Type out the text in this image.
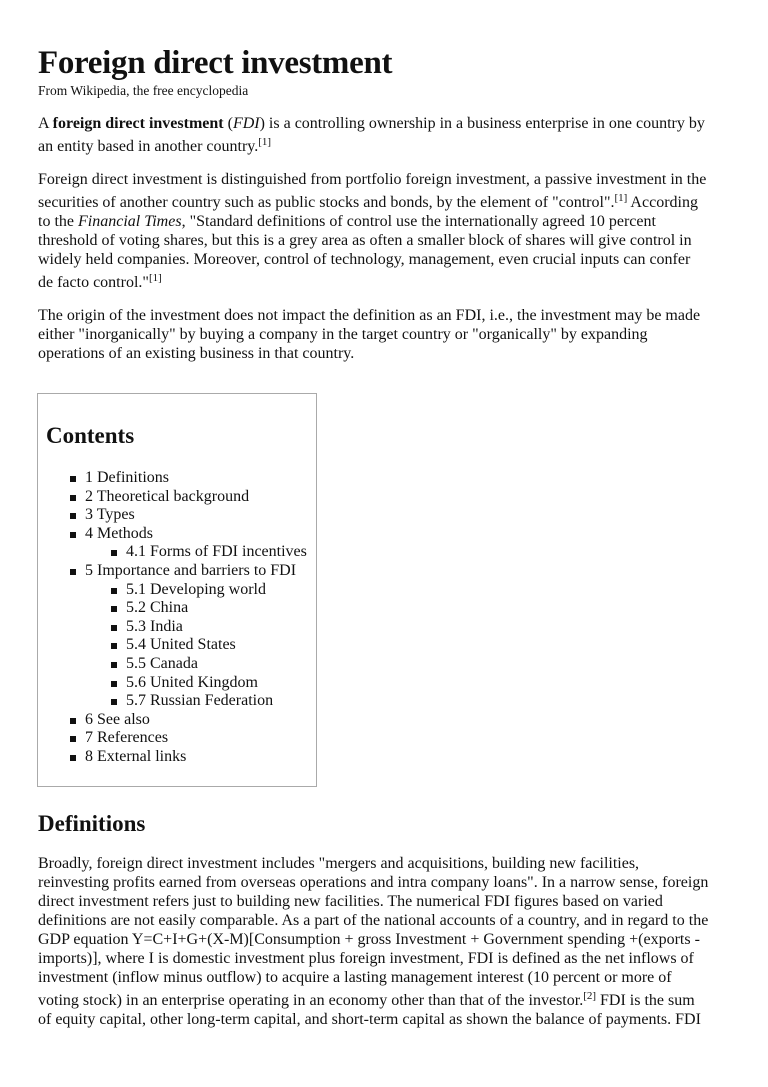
Foreign direct investment
From Wikipedia, the free encyclopedia
A foreign direct investment (FDI) is a controlling ownership in a business enterprise in one country by
an entity based in another country.[1]
Foreign direct investment is distinguished from portfolio foreign investment, a passive investment in the
securities of another country such as public stocks and bonds, by the element of "control".[1] According
to the Financial Times, "Standard definitions of control use the internationally agreed 10 percent
threshold of voting shares, but this is a grey area as often a smaller block of shares will give control in
widely held companies. Moreover, control of technology, management, even crucial inputs can confer
de facto control."[1]
The origin of the investment does not impact the definition as an FDI, i.e., the investment may be made
either "inorganically" by buying a company in the target country or "organically" by expanding
operations of an existing business in that country.
Contents
1 Definitions
2 Theoretical background
3 Types
4 Methods
4.1 Forms of FDI incentives
5 Importance and barriers to FDI
5.1 Developing world
5.2 China
5.3 India
5.4 United States
5.5 Canada
5.6 United Kingdom
5.7 Russian Federation
6 See also
7 References
8 External links
Definitions
Broadly, foreign direct investment includes "mergers and acquisitions, building new facilities,
reinvesting profits earned from overseas operations and intra company loans". In a narrow sense, foreign
direct investment refers just to building new facilities. The numerical FDI figures based on varied
definitions are not easily comparable. As a part of the national accounts of a country, and in regard to the
GDP equation Y=C+I+G+(X-M)[Consumption + gross Investment + Government spending +(exports -
imports)], where I is domestic investment plus foreign investment, FDI is defined as the net inflows of
investment (inflow minus outflow) to acquire a lasting management interest (10 percent or more of
voting stock) in an enterprise operating in an economy other than that of the investor.[2] FDI is the sum
of equity capital, other long-term capital, and short-term capital as shown the balance of payments. FDI
